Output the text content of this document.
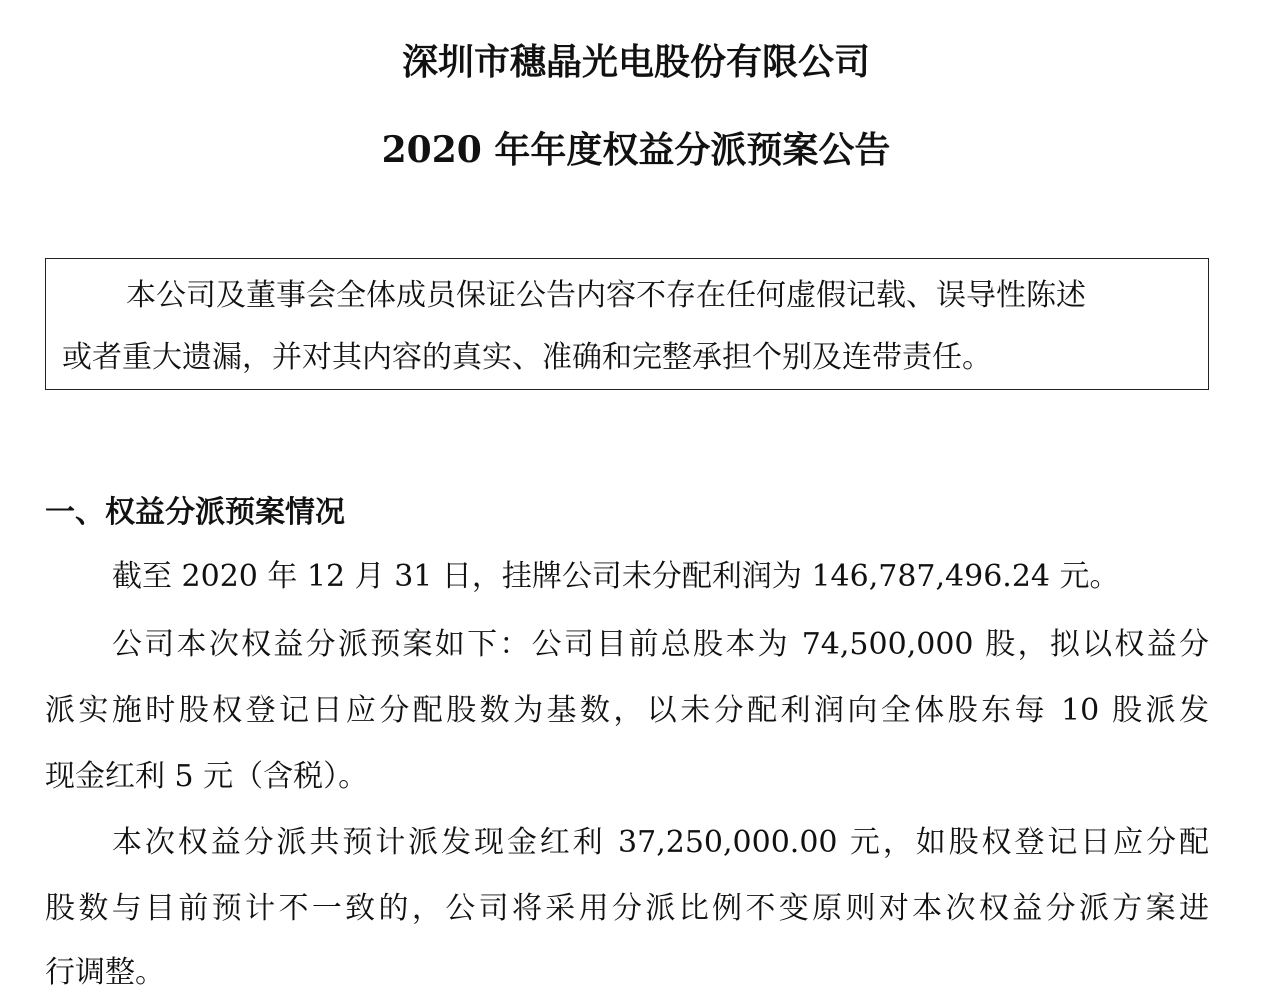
深圳市穗晶光电股份有限公司
2020 年年度权益分派预案公告

本公司及董事会全体成员保证公告内容不存在任何虚假记载、误导性陈述

或者重大遗漏，并对其内容的真实、准确和完整承担个别及连带责任。

一、权益分派预案情况

截至 2020 年 12 月 31 日，挂牌公司未分配利润为 146,787,496.24 元。

公司本次权益分派预案如下：公司目前总股本为 74,500,000 股，拟以权益分

派实施时股权登记日应分配股数为基数，以未分配利润向全体股东每 10 股派发

现金红利 5 元（含税）。

本次权益分派共预计派发现金红利 37,250,000.00 元，如股权登记日应分配

股数与目前预计不一致的，公司将采用分派比例不变原则对本次权益分派方案进

行调整。
